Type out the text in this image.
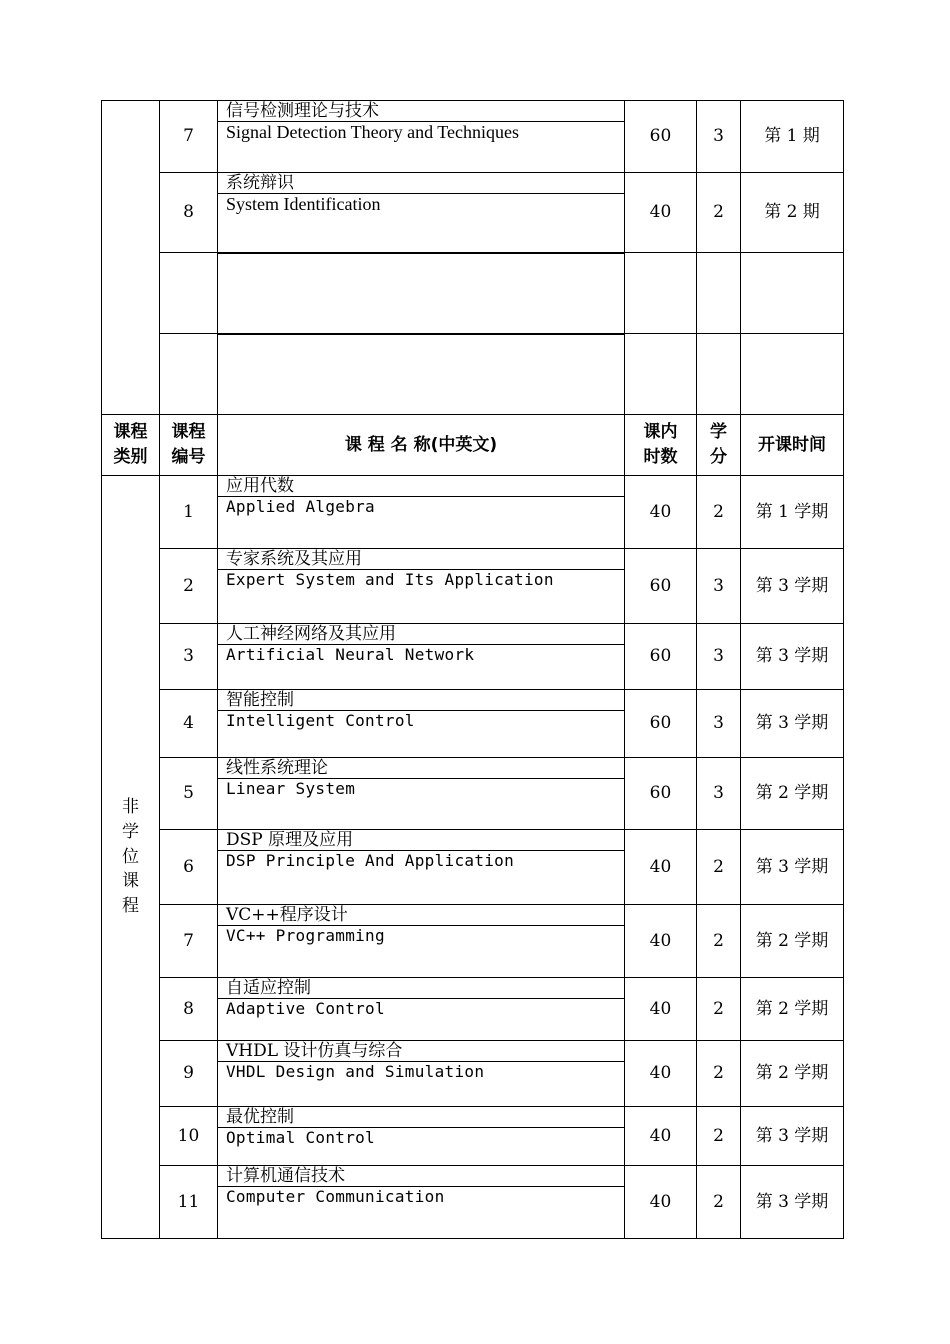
	7	信号检测理论与技术
Signal Detection Theory and Techniques	60	3	第 1 期
	8	系统辩识
System Identification	40	2	第 2 期

课程类别	课程编号	课 程 名 称(中英文)	课内时数	学分	开课时间
非学位课程	1	应用代数
Applied Algebra	40	2	第 1 学期
	2	专家系统及其应用
Expert System and Its Application	60	3	第 3 学期
	3	人工神经网络及其应用
Artificial Neural Network	60	3	第 3 学期
	4	智能控制
Intelligent Control	60	3	第 3 学期
	5	线性系统理论
Linear System	60	3	第 2 学期
	6	DSP 原理及应用
DSP Principle And Application	40	2	第 3 学期
	7	VC++程序设计
VC++ Programming	40	2	第 2 学期
	8	自适应控制
Adaptive Control	40	2	第 2 学期
	9	VHDL 设计仿真与综合
VHDL Design and Simulation	40	2	第 2 学期
	10	最优控制
Optimal Control	40	2	第 3 学期
	11	计算机通信技术
Computer Communication	40	2	第 3 学期
